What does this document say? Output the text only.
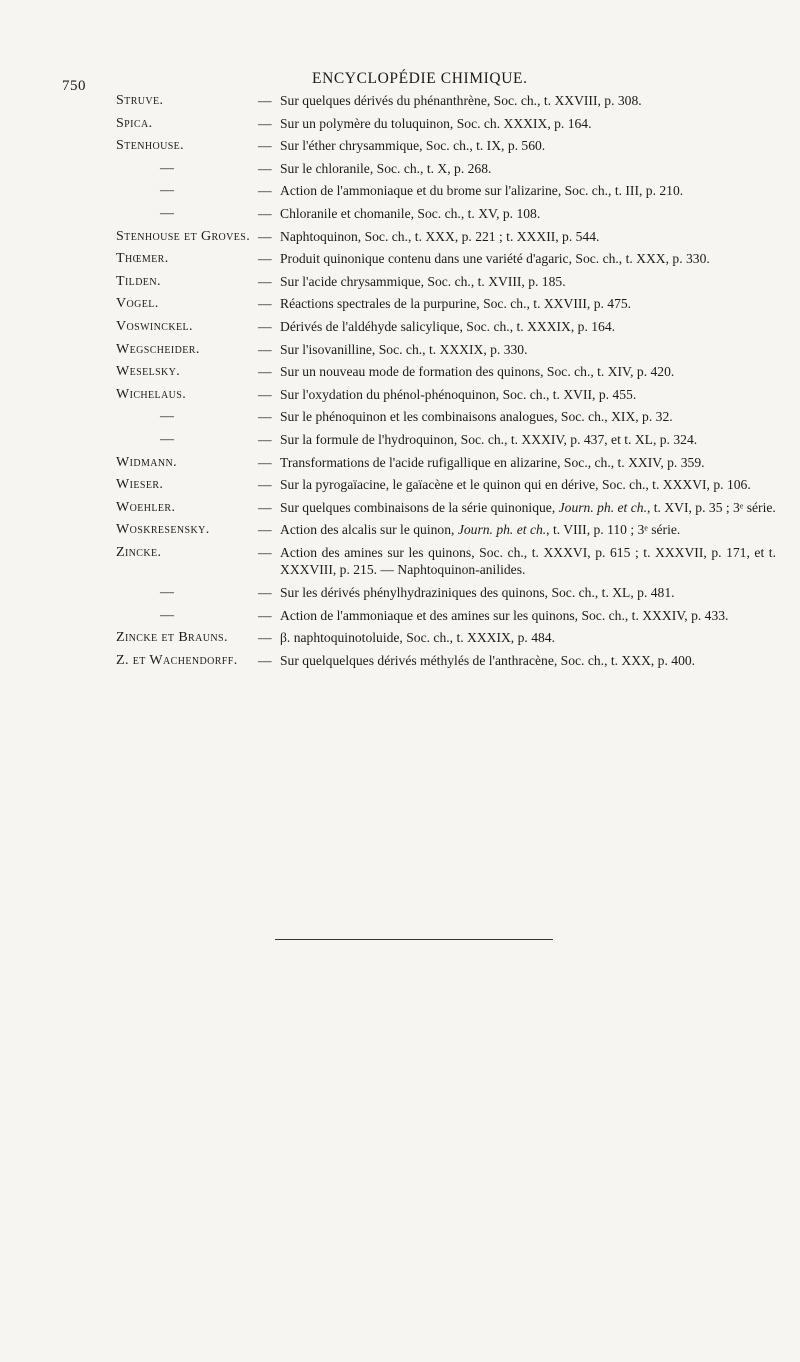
750	ENCYCLOPÉDIE CHIMIQUE.
Struve.	— Sur quelques dérivés du phénanthrène, Soc. ch., t. XXVIII, p. 308.
Spica.	— Sur un polymère du toluquinon, Soc. ch. XXXIX, p. 164.
Stenhouse.	— Sur l'éther chrysammique, Soc. ch., t. IX, p. 560.
—	— Sur le chloranile, Soc. ch., t. X, p. 268.
—	— Action de l'ammoniaque et du brome sur l'alizarine, Soc. ch., t. III, p. 210.
—	— Chloranile et chomanile, Soc. ch., t. XV, p. 108.
Stenhouse et Groves. — Naphtoquinon, Soc. ch., t. XXX, p. 221 ; t. XXXII, p. 544.
Thœmer.	— Produit quinonique contenu dans une variété d'agaric, Soc. ch., t. XXX, p. 330.
Tilden.	— Sur l'acide chrysammique, Soc. ch., t. XVIII, p. 185.
Vogel.	— Réactions spectrales de la purpurine, Soc. ch., t. XXVIII, p. 475.
Voswinckel.	— Dérivés de l'aldéhyde salicylique, Soc. ch., t. XXXIX, p. 164.
Wegscheider.	— Sur l'isovanilline, Soc. ch., t. XXXIX, p. 330.
Weselsky.	— Sur un nouveau mode de formation des quinons, Soc. ch., t. XIV, p. 420.
Wichelaus.	— Sur l'oxydation du phénol-phénoquinon, Soc. ch., t. XVII, p. 455.
—	— Sur le phénoquinon et les combinaisons analogues, Soc. ch., XIX, p. 32.
—	— Sur la formule de l'hydroquinon, Soc. ch., t. XXXIV, p. 437, et t. XL, p. 324.
Widmann.	— Transformations de l'acide rufigallique en alizarine, Soc., ch., t. XXIV, p. 359.
Wieser.	— Sur la pyrogaïacine, le gaïacène et le quinon qui en dérive, Soc. ch., t. XXXVI, p. 106.
Woehler.	— Sur quelques combinaisons de la série quinonique, Journ. ph. et ch., t. XVI, p. 35 ; 3ᵉ série.
Woskresensky.	— Action des alcalis sur le quinon, Journ. ph. et ch., t. VIII, p. 110 ; 3ᵉ série.
Zincke.	— Action des amines sur les quinons, Soc. ch., t. XXXVI, p. 615 ; t. XXXVII, p. 171, et t. XXXVIII, p. 215. — Naphtoquinon-anilides.
—	— Sur les dérivés phénylhydraziniques des quinons, Soc. ch., t. XL, p. 481.
—	— Action de l'ammoniaque et des amines sur les quinons, Soc. ch., t. XXXIV, p. 433.
Zincke et Brauns.	— β. naphtoquinotoluide, Soc. ch., t. XXXIX, p. 484.
Z. et Wachendorff.	— Sur quelquelques dérivés méthylés de l'anthracène, Soc. ch., t. XXX, p. 400.
